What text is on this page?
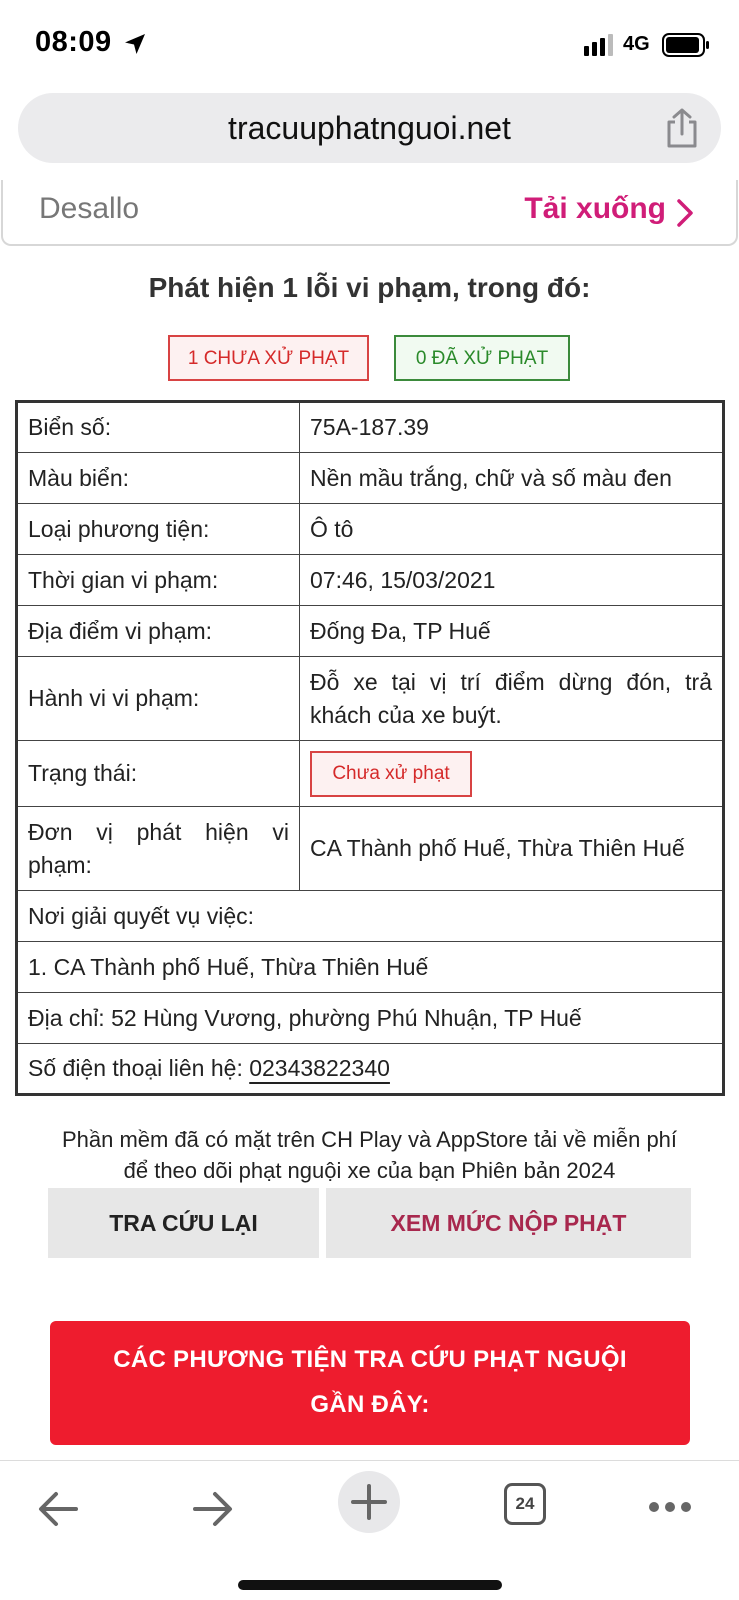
08:09	4G
tracuuphatnguoi.net
Desallo	Tải xuống
Phát hiện 1 lỗi vi phạm, trong đó:
1 CHƯA XỬ PHẠT	0 ĐÃ XỬ PHẠT
Biển số:	75A-187.39
Màu biển:	Nền mầu trắng, chữ và số màu đen
Loại phương tiện:	Ô tô
Thời gian vi phạm:	07:46, 15/03/2021
Địa điểm vi phạm:	Đống Đa, TP Huế
Hành vi vi phạm:	Đỗ xe tại vị trí điểm dừng đón, trả khách của xe buýt.
Trạng thái:	Chưa xử phạt
Đơn vị phát hiện vi phạm:	CA Thành phố Huế, Thừa Thiên Huế
Nơi giải quyết vụ việc:	
1. CA Thành phố Huế, Thừa Thiên Huế	
Địa chỉ: 52 Hùng Vương, phường Phú Nhuận, TP Huế	
Số điện thoại liên hệ: 02343822340	
Phần mềm đã có mặt trên CH Play và AppStore tải về miễn phí
để theo dõi phạt nguội xe của bạn Phiên bản 2024
TRA CỨU LẠI	XEM MỨC NỘP PHẠT
CÁC PHƯƠNG TIỆN TRA CỨU PHẠT NGUỘI
GẦN ĐÂY:
24
